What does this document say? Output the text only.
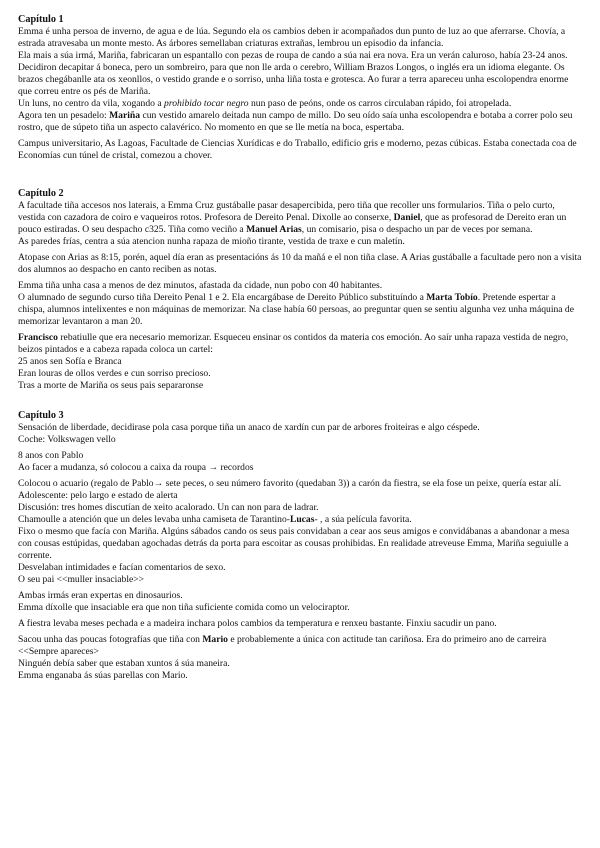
Capítulo 1

Emma é unha persoa de inverno, de agua e de lúa. Segundo ela os cambios deben ir acompañados dun punto de luz ao que aferrarse. Chovía, a estrada atravesaba un monte mesto. As árbores semellaban criaturas extrañas, lembrou un episodio da infancia.

Ela mais a súa irmá, Mariña, fabricaran un espantallo con pezas de roupa de cando a súa nai era nova. Era un verán caluroso, había 23-24 anos. Decidiron decapitar á boneca, pero un sombreiro, para que non lle arda o cerebro, William Brazos Longos, o inglés era un idioma elegante. Os brazos chegábanlle ata os xeonllos, o vestido grande e o sorriso, unha liña tosta e grotesca. Ao furar a terra apareceu unha escolopendra enorme que correu entre os pés de Mariña.

Un luns, no centro da vila, xogando a prohibido tocar negro nun paso de peóns, onde os carros circulaban rápido, foi atropelada.

Agora ten un pesadelo: Mariña cun vestido amarelo deitada nun campo de millo. Do seu oído saía unha escolopendra e botaba a correr polo seu rostro, que de súpeto tiña un aspecto calavérico. No momento en que se lle metía na boca, espertaba.

Campus universitario, As Lagoas, Facultade de Ciencias Xurídicas e do Traballo, edificio gris e moderno, pezas cúbicas. Estaba conectada coa de Economías cun túnel de cristal, comezou a chover.

Capítulo 2

A facultade tiña accesos nos laterais, a Emma Cruz gustáballe pasar desapercibida, pero tiña que recoller uns formularios. Tiña o pelo curto, vestida con cazadora de coiro e vaqueiros rotos. Profesora de Dereito Penal. Dixolle ao conserxe, Daniel, que as profesorad de Dereito eran un pouco estiradas. O seu despacho c325. Tiña como veciño a Manuel Arias, un comisario, pisa o despacho un par de veces por semana.

As paredes frías, centra a súa atencion nunha rapaza de mioño tirante, vestida de traxe e cun maletín.

Atopase con Arias as 8:15, porén, aquel día eran as presentacións ás 10 da mañá e el non tiña clase. A Arias gustáballe a facultade pero non a visita dos alumnos ao despacho en canto reciben as notas.

Emma tiña unha casa a menos de dez minutos, afastada da cidade, nun pobo con 40 habitantes.

O alumnado de segundo curso tiña Dereito Penal 1 e 2. Ela encargábase de Dereito Público substituíndo a Marta Tobío. Pretende espertar a chispa, alumnos intelixentes e non máquinas de memorizar. Na clase había 60 persoas, ao preguntar quen se sentiu algunha vez unha máquina de memorizar levantaron a man 20.

Francisco rebatiulle que era necesario memorizar. Esqueceu ensinar os contidos da materia cos emoción. Ao saír unha rapaza vestida de negro, beizos pintados e a cabeza rapada coloca un cartel:

25 anos sen Sofía e Branca

Eran louras de ollos verdes e cun sorriso precioso.

Tras a morte de Mariña os seus pais separaronse

Capítulo 3

Sensación de liberdade, decidirase pola casa porque tiña un anaco de xardín cun par de arbores froiteiras e algo céspede.

Coche: Volkswagen vello

8 anos con Pablo

Ao facer a mudanza, só colocou a caixa da roupa → recordos

Colocou o acuario (regalo de Pablo→ sete peces, o seu número favorito (quedaban 3)) a carón da fiestra, se ela fose un peixe, quería estar alí.

Adolescente: pelo largo e estado de alerta

Discusión: tres homes discutían de xeito acalorado. Un can non para de ladrar.

Chamoulle a atención que un deles levaba unha camiseta de Tarantino-Lucas- , a súa película favorita.

Fixo o mesmo que facía con Mariña. Algúns sábados cando os seus pais convidaban a cear aos seus amigos e convidábanas a abandonar a mesa con cousas estúpidas, quedaban agochadas detrás da porta para escoitar as cousas prohibidas. En realidade atreveuse Emma, Mariña seguiulle a corrente.

Desvelaban intimidades e facían comentarios de sexo.

O seu pai <<muller insaciable>>

Ambas irmás eran expertas en dinosaurios.

Emma díxolle que insaciable era que non tiña suficiente comida como un velociraptor.

A fiestra levaba meses pechada e a madeira inchara polos cambios da temperatura e renxeu bastante. Finxiu sacudir un pano.

Sacou unha das poucas fotografías que tiña con Mario e probablemente a única con actitude tan cariñosa. Era do primeiro ano de carreira <<Sempre apareces>

Ninguén debía saber que estaban xuntos á súa maneira.

Emma enganaba ás súas parellas con Mario.
